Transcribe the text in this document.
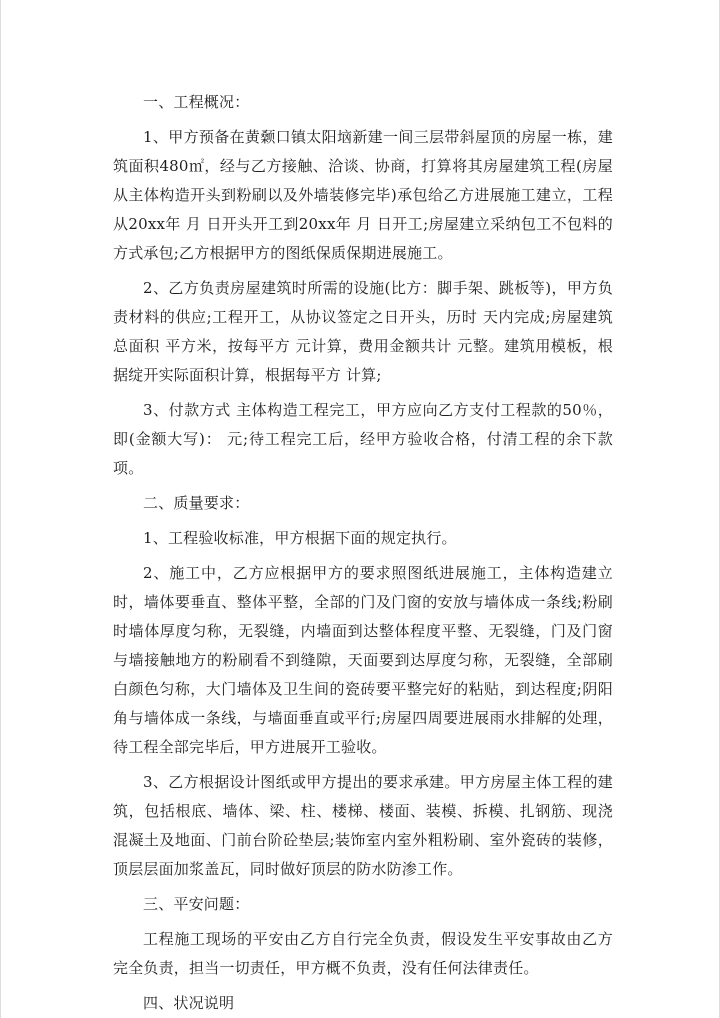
一、工程概况：

1、甲方预备在黄颡口镇太阳垴新建一间三层带斜屋顶的房屋一栋，建筑面积480㎡，经与乙方接触、洽谈、协商，打算将其房屋建筑工程(房屋从主体构造开头到粉刷以及外墙装修完毕)承包给乙方进展施工建立，工程从20xx年 月 日开头开工到20xx年 月 日开工;房屋建立采纳包工不包料的方式承包;乙方根据甲方的图纸保质保期进展施工。

2、乙方负责房屋建筑时所需的设施(比方：脚手架、跳板等)，甲方负责材料的供应;工程开工，从协议签定之日开头，历时 天内完成;房屋建筑总面积 平方米，按每平方 元计算，费用金额共计 元整。建筑用模板，根据绽开实际面积计算，根据每平方 计算;

3、付款方式 主体构造工程完工，甲方应向乙方支付工程款的50％，即(金额大写)： 元;待工程完工后，经甲方验收合格，付清工程的余下款项。

二、质量要求：

1、工程验收标准，甲方根据下面的规定执行。

2、施工中，乙方应根据甲方的要求照图纸进展施工，主体构造建立时，墙体要垂直、整体平整，全部的门及门窗的安放与墙体成一条线;粉刷时墙体厚度匀称，无裂缝，内墙面到达整体程度平整、无裂缝，门及门窗与墙接触地方的粉刷看不到缝隙，天面要到达厚度匀称，无裂缝，全部刷白颜色匀称，大门墙体及卫生间的瓷砖要平整完好的粘贴，到达程度;阴阳角与墙体成一条线，与墙面垂直或平行;房屋四周要进展雨水排解的处理，待工程全部完毕后，甲方进展开工验收。

3、乙方根据设计图纸或甲方提出的要求承建。甲方房屋主体工程的建筑，包括根底、墙体、梁、柱、楼梯、楼面、装模、拆模、扎钢筋、现浇混凝土及地面、门前台阶砼垫层;装饰室内室外粗粉刷、室外瓷砖的装修，顶层层面加浆盖瓦，同时做好顶层的防水防渗工作。

三、平安问题：

工程施工现场的平安由乙方自行完全负责，假设发生平安事故由乙方完全负责，担当一切责任，甲方概不负责，没有任何法律责任。

四、状况说明
